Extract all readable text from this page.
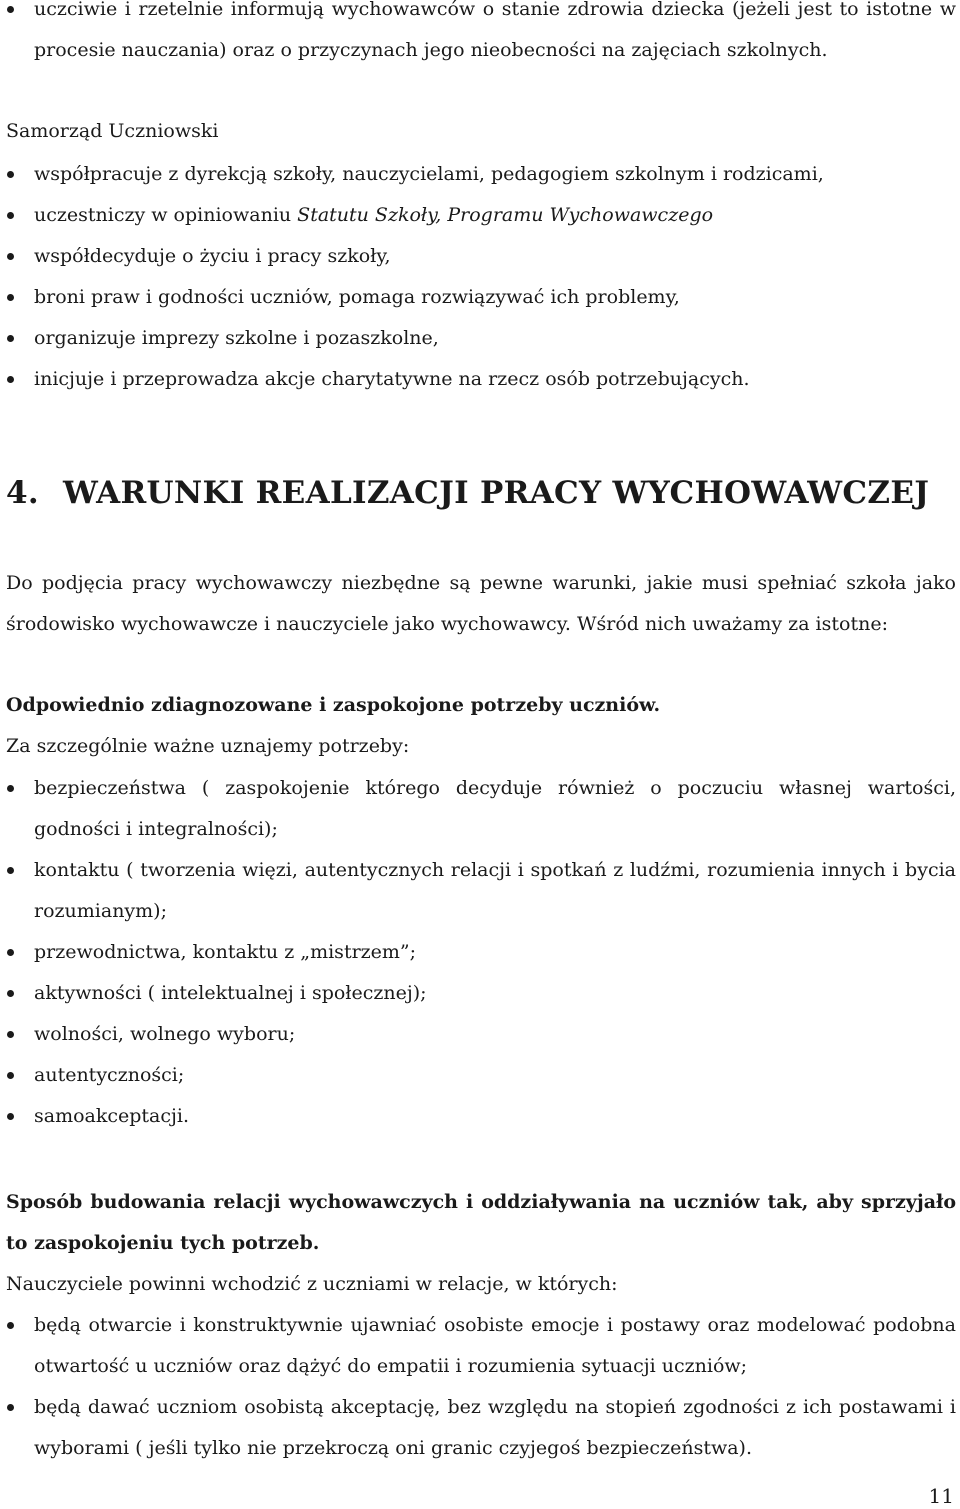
uczciwie i rzetelnie informują wychowawców o stanie zdrowia dziecka (jeżeli jest to istotne w procesie nauczania) oraz o przyczynach jego nieobecności na zajęciach szkolnych.
Samorząd Uczniowski
współpracuje z dyrekcją szkoły, nauczycielami, pedagogiem szkolnym i rodzicami,
uczestniczy w opiniowaniu Statutu Szkoły, Programu Wychowawczego
współdecyduje o życiu i pracy szkoły,
broni praw i godności uczniów, pomaga rozwiązywać ich problemy,
organizuje imprezy szkolne i pozaszkolne,
inicjuje i przeprowadza akcje charytatywne na rzecz osób potrzebujących.
4. WARUNKI REALIZACJI PRACY WYCHOWAWCZEJ
Do podjęcia pracy wychowawczy niezbędne są pewne warunki, jakie musi spełniać szkoła jako środowisko wychowawcze i nauczyciele jako wychowawcy. Wśród nich uważamy za istotne:
Odpowiednio zdiagnozowane i zaspokojone potrzeby uczniów.
Za szczególnie ważne uznajemy potrzeby:
bezpieczeństwa ( zaspokojenie którego decyduje również o poczuciu własnej wartości, godności i integralności);
kontaktu ( tworzenia więzi, autentycznych relacji i spotkań z ludźmi, rozumienia innych i bycia rozumianym);
przewodnictwa, kontaktu z „mistrzem”;
aktywności ( intelektualnej i społecznej);
wolności, wolnego wyboru;
autentyczności;
samoakceptacji.
Sposób budowania relacji wychowawczych i oddziaływania na uczniów tak, aby sprzyjało to zaspokojeniu tych potrzeb.
Nauczyciele powinni wchodzić z uczniami w relacje, w których:
będą otwarcie i konstruktywnie ujawniać osobiste emocje i postawy oraz modelować podobna otwartość u uczniów oraz dążyć do empatii i rozumienia sytuacji uczniów;
będą dawać uczniom osobistą akceptację, bez względu na stopień zgodności z ich postawami i wyborami ( jeśli tylko nie przekroczą oni granic czyjegoś bezpieczeństwa).
11
